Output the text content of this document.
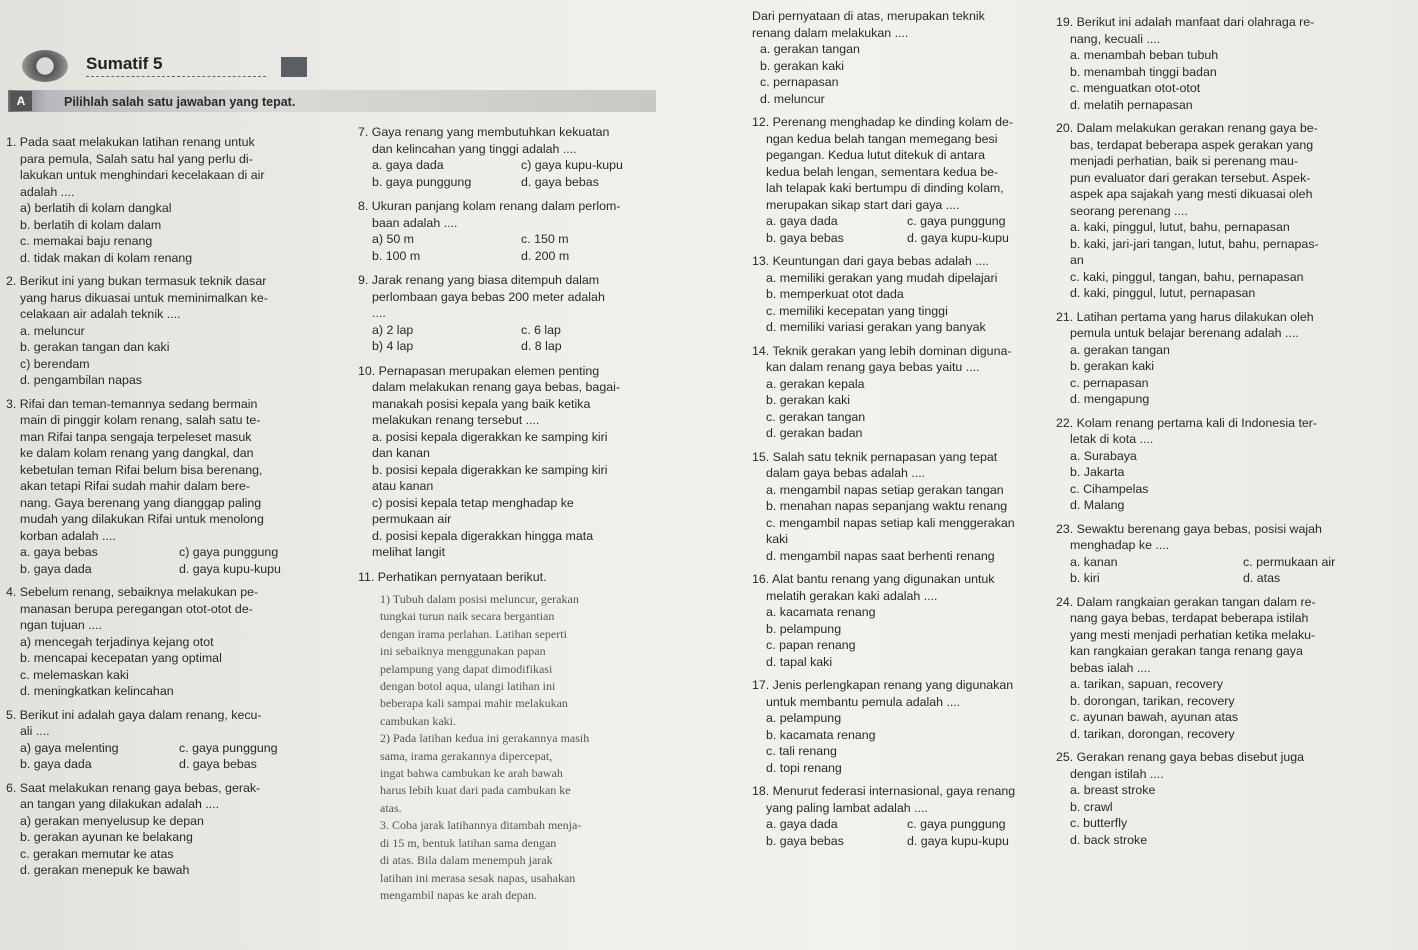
Sumatif 5
A	Pilihlah salah satu jawaban yang tepat.

1. Pada saat melakukan latihan renang untuk

para pemula, Salah satu hal yang perlu di-

lakukan untuk menghindari kecelakaan di air

adalah ....

a) berlatih di kolam dangkal

b. berlatih di kolam dalam

c. memakai baju renang

d. tidak makan di kolam renang

2. Berikut ini yang bukan termasuk teknik dasar

yang harus dikuasai untuk meminimalkan ke-

celakaan air adalah teknik ....

a. meluncur

b. gerakan tangan dan kaki

c) berendam

d. pengambilan napas

3. Rifai dan teman-temannya sedang bermain

main di pinggir kolam renang, salah satu te-

man Rifai tanpa sengaja terpeleset masuk

ke dalam kolam renang yang dangkal, dan

kebetulan teman Rifai belum bisa berenang,

akan tetapi Rifai sudah mahir dalam bere-

nang. Gaya berenang yang dianggap paling

mudah yang dilakukan Rifai untuk menolong

korban adalah ....

a. gaya bebas	c) gaya punggung
b. gaya dada	d. gaya kupu-kupu

4. Sebelum renang, sebaiknya melakukan pe-

manasan berupa peregangan otot-otot de-

ngan tujuan ....

a) mencegah terjadinya kejang otot

b. mencapai kecepatan yang optimal

c. melemaskan kaki

d. meningkatkan kelincahan

5. Berikut ini adalah gaya dalam renang, kecu-

ali ....

a) gaya melenting	c. gaya punggung
b. gaya dada	d. gaya bebas

6. Saat melakukan renang gaya bebas, gerak-

an tangan yang dilakukan adalah ....

a) gerakan menyelusup ke depan

b. gerakan ayunan ke belakang

c. gerakan memutar ke atas

d. gerakan menepuk ke bawah

7. Gaya renang yang membutuhkan kekuatan

dan kelincahan yang tinggi adalah ....

a. gaya dada	c) gaya kupu-kupu
b. gaya punggung	d. gaya bebas

8. Ukuran panjang kolam renang dalam perlom-

baan adalah ....

a) 50 m	c. 150 m
b. 100 m	d. 200 m

9. Jarak renang yang biasa ditempuh dalam

perlombaan gaya bebas 200 meter adalah

....

a) 2 lap	c. 6 lap
b) 4 lap	d. 8 lap

10. Pernapasan merupakan elemen penting

dalam melakukan renang gaya bebas, bagai-

manakah posisi kepala yang baik ketika

melakukan renang tersebut ....

a. posisi kepala digerakkan ke samping kiri

dan kanan

b. posisi kepala digerakkan ke samping kiri

atau kanan

c) posisi kepala tetap menghadap ke

permukaan air

d. posisi kepala digerakkan hingga mata

melihat langit

11. Perhatikan pernyataan berikut.

1) Tubuh dalam posisi meluncur, gerakan

tungkai turun naik secara bergantian

dengan irama perlahan. Latihan seperti

ini sebaiknya menggunakan papan

pelampung yang dapat dimodifikasi

dengan botol aqua, ulangi latihan ini

beberapa kali sampai mahir melakukan

cambukan kaki.

2) Pada latihan kedua ini gerakannya masih

sama, irama gerakannya dipercepat,

ingat bahwa cambukan ke arah bawah

harus lebih kuat dari pada cambukan ke

atas.

3. Coba jarak latihannya ditambah menja-

di 15 m, bentuk latihan sama dengan

di atas. Bila dalam menempuh jarak

latihan ini merasa sesak napas, usahakan

mengambil napas ke arah depan.

Dari pernyataan di atas, merupakan teknik

renang dalam melakukan ....

a. gerakan tangan

b. gerakan kaki

c. pernapasan

d. meluncur

12. Perenang menghadap ke dinding kolam de-

ngan kedua belah tangan memegang besi

pegangan. Kedua lutut ditekuk di antara

kedua belah lengan, sementara kedua be-

lah telapak kaki bertumpu di dinding kolam,

merupakan sikap start dari gaya ....

a. gaya dada	c. gaya punggung
b. gaya bebas	d. gaya kupu-kupu

13. Keuntungan dari gaya bebas adalah ....

a. memiliki gerakan yang mudah dipelajari

b. memperkuat otot dada

c. memiliki kecepatan yang tinggi

d. memiliki variasi gerakan yang banyak

14. Teknik gerakan yang lebih dominan diguna-

kan dalam renang gaya bebas yaitu ....

a. gerakan kepala

b. gerakan kaki

c. gerakan tangan

d. gerakan badan

15. Salah satu teknik pernapasan yang tepat

dalam gaya bebas adalah ....

a. mengambil napas setiap gerakan tangan

b. menahan napas sepanjang waktu renang

c. mengambil napas setiap kali menggerakan

kaki

d. mengambil napas saat berhenti renang

16. Alat bantu renang yang digunakan untuk

melatih gerakan kaki adalah ....

a. kacamata renang

b. pelampung

c. papan renang

d. tapal kaki

17. Jenis perlengkapan renang yang digunakan

untuk membantu pemula adalah ....

a. pelampung

b. kacamata renang

c. tali renang

d. topi renang

18. Menurut federasi internasional, gaya renang

yang paling lambat adalah ....

a. gaya dada	c. gaya punggung
b. gaya bebas	d. gaya kupu-kupu

19. Berikut ini adalah manfaat dari olahraga re-

nang, kecuali ....

a. menambah beban tubuh

b. menambah tinggi badan

c. menguatkan otot-otot

d. melatih pernapasan

20. Dalam melakukan gerakan renang gaya be-

bas, terdapat beberapa aspek gerakan yang

menjadi perhatian, baik si perenang mau-

pun evaluator dari gerakan tersebut. Aspek-

aspek apa sajakah yang mesti dikuasai oleh

seorang perenang ....

a. kaki, pinggul, lutut, bahu, pernapasan

b. kaki, jari-jari tangan, lutut, bahu, pernapas-

an

c. kaki, pinggul, tangan, bahu, pernapasan

d. kaki, pinggul, lutut, pernapasan

21. Latihan pertama yang harus dilakukan oleh

pemula untuk belajar berenang adalah ....

a. gerakan tangan

b. gerakan kaki

c. pernapasan

d. mengapung

22. Kolam renang pertama kali di Indonesia ter-

letak di kota ....

a. Surabaya

b. Jakarta

c. Cihampelas

d. Malang

23. Sewaktu berenang gaya bebas, posisi wajah

menghadap ke ....

a. kanan	c. permukaan air
b. kiri	d. atas

24. Dalam rangkaian gerakan tangan dalam re-

nang gaya bebas, terdapat beberapa istilah

yang mesti menjadi perhatian ketika melaku-

kan rangkaian gerakan tanga renang gaya

bebas ialah ....

a. tarikan, sapuan, recovery

b. dorongan, tarikan, recovery

c. ayunan bawah, ayunan atas

d. tarikan, dorongan, recovery

25. Gerakan renang gaya bebas disebut juga

dengan istilah ....

a. breast stroke

b. crawl

c. butterfly

d. back stroke
